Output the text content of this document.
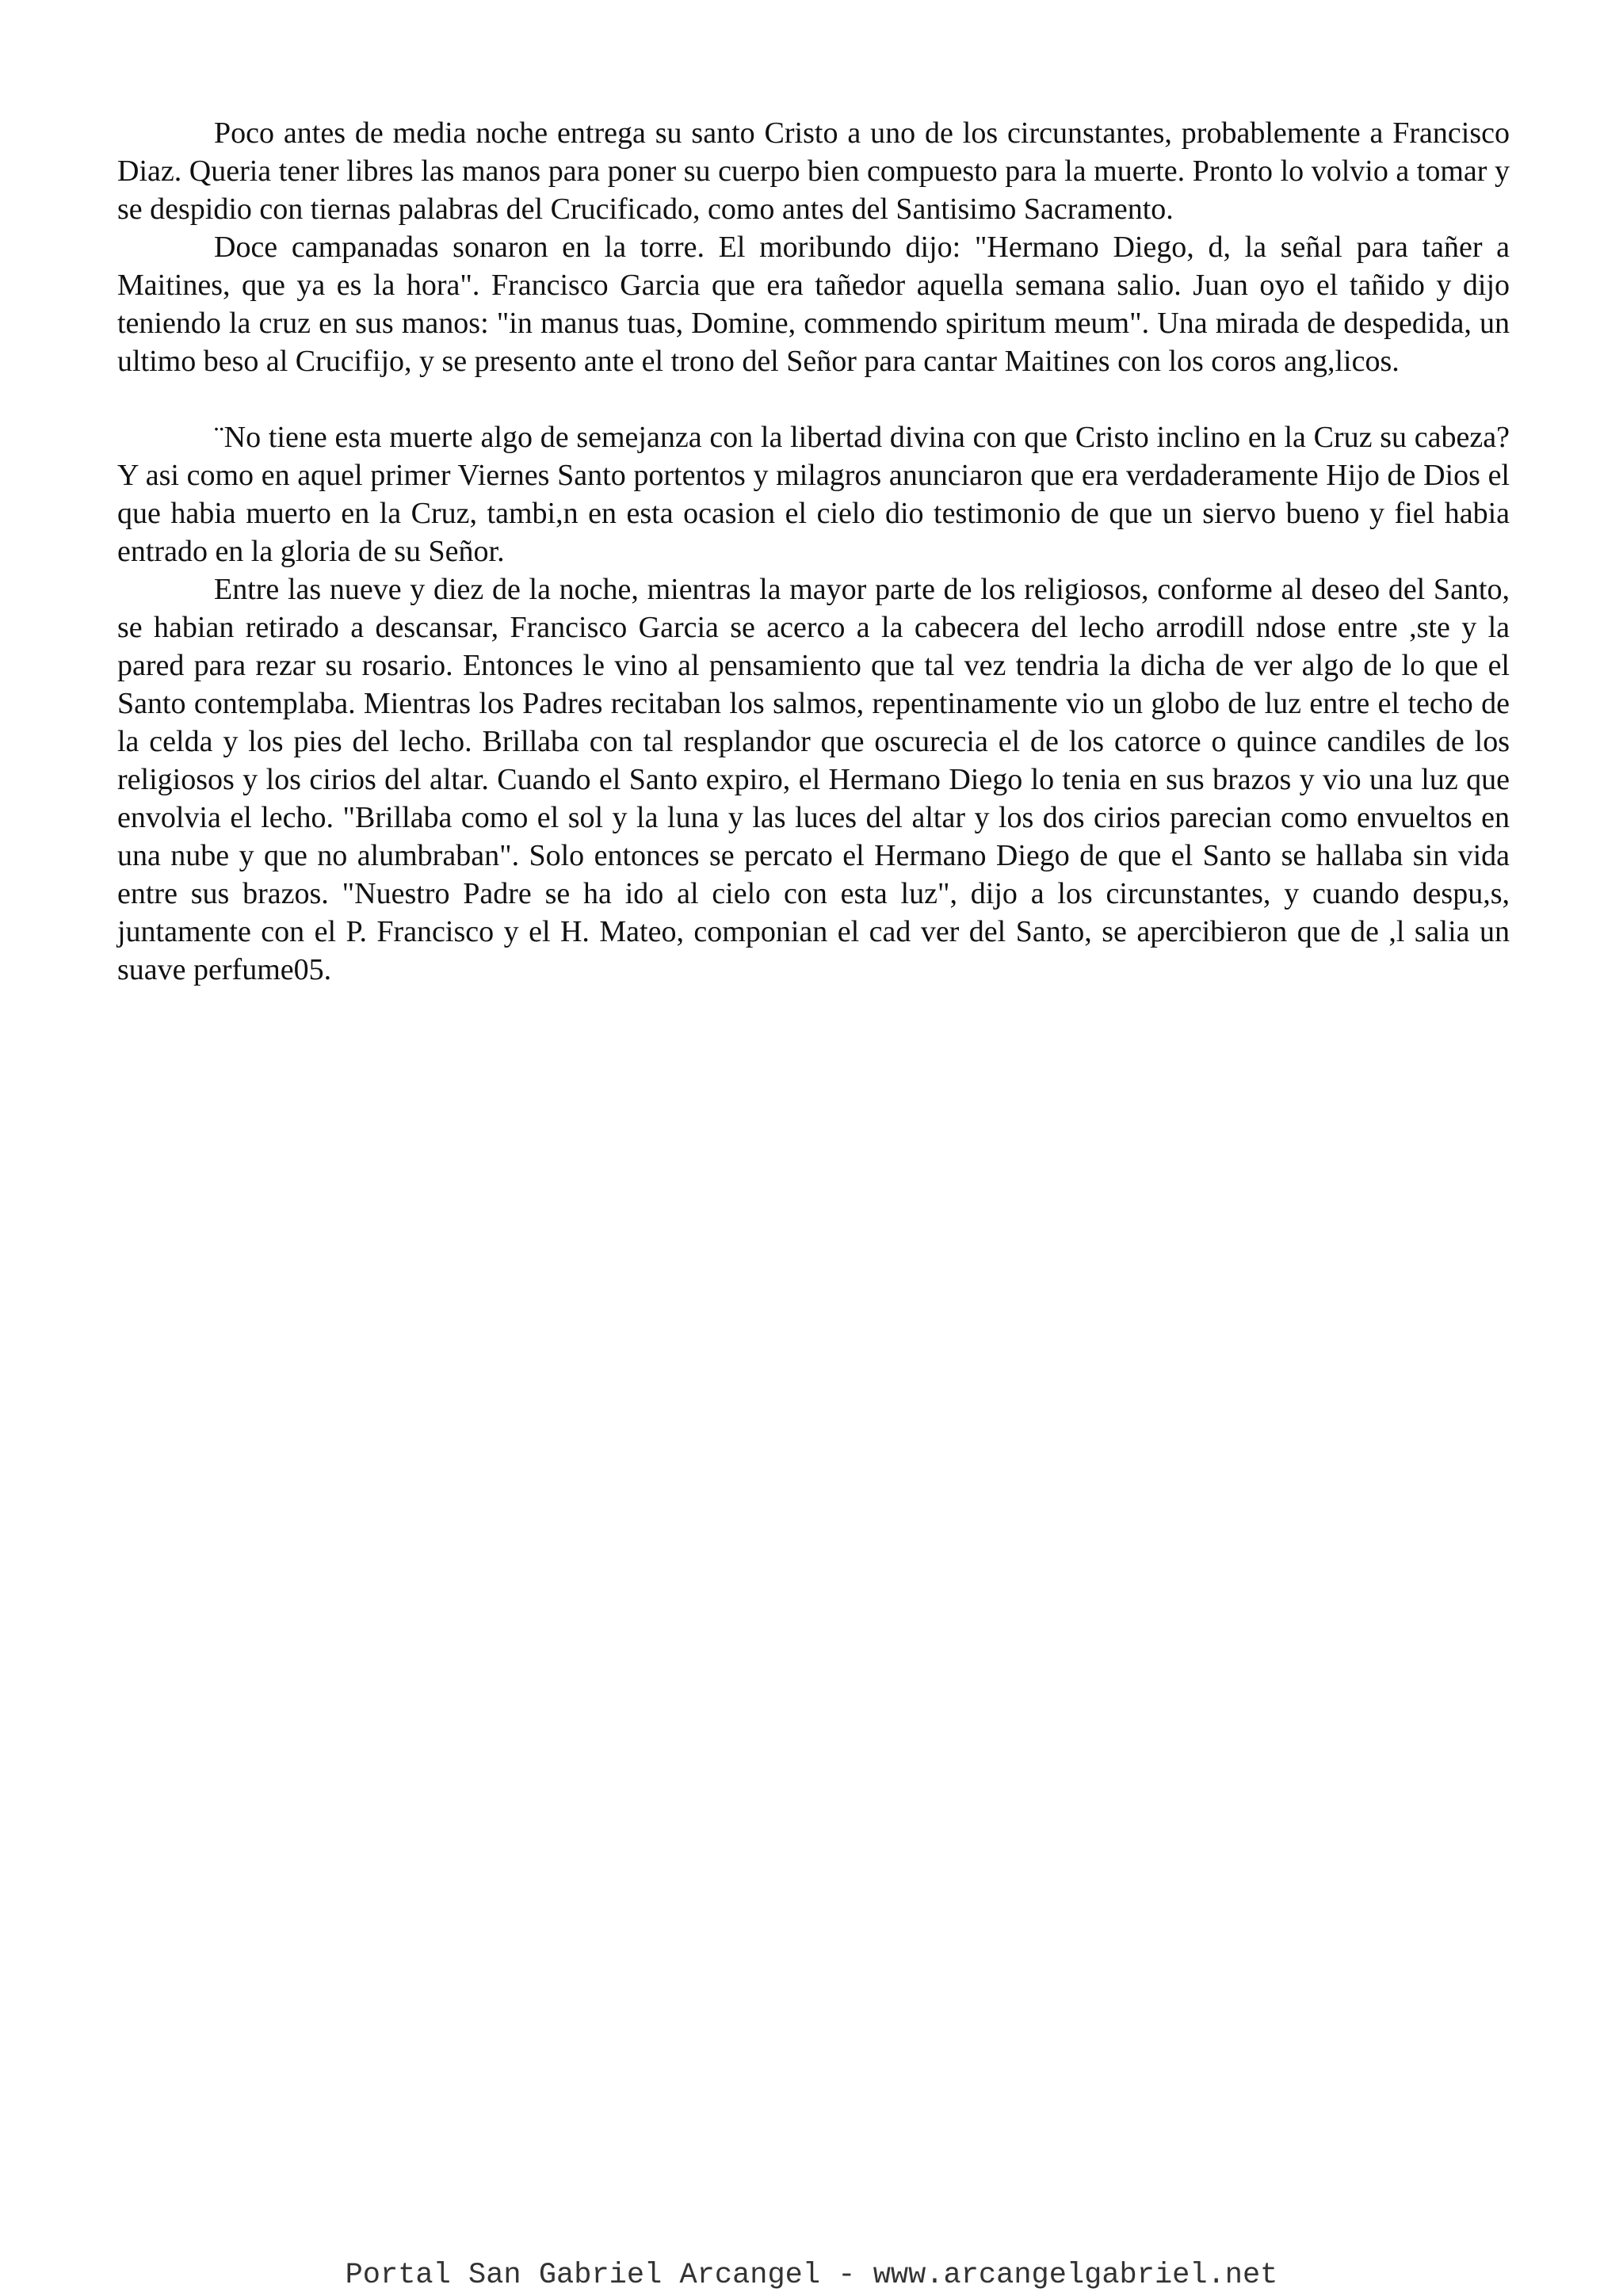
Poco antes de media noche entrega su santo Cristo a uno de los circunstantes, probablemente a Francisco Diaz. Queria tener libres las manos para poner su cuerpo bien compuesto para la muerte. Pronto lo volvio a tomar y se despidio con tiernas palabras del Crucificado, como antes del Santisimo Sacramento.

Doce campanadas sonaron en la torre. El moribundo dijo: "Hermano Diego, d, la señal para tañer a Maitines, que ya es la hora". Francisco Garcia que era tañedor aquella semana salio. Juan oyo el tañido y dijo teniendo la cruz en sus manos: "in manus tuas, Domine, commendo spiritum meum". Una mirada de despedida, un ultimo beso al Crucifijo, y se presento ante el trono del Señor para cantar Maitines con los coros ang,licos.

¨No tiene esta muerte algo de semejanza con la libertad divina con que Cristo inclino en la Cruz su cabeza? Y asi como en aquel primer Viernes Santo portentos y milagros anunciaron que era verdaderamente Hijo de Dios el que habia muerto en la Cruz, tambi,n en esta ocasion el cielo dio testimonio de que un siervo bueno y fiel habia entrado en la gloria de su Señor.

Entre las nueve y diez de la noche, mientras la mayor parte de los religiosos, conforme al deseo del Santo, se habian retirado a descansar, Francisco Garcia se acerco a la cabecera del lecho arrodill ndose entre ,ste y la pared para rezar su rosario. Entonces le vino al pensamiento que tal vez tendria la dicha de ver algo de lo que el Santo contemplaba. Mientras los Padres recitaban los salmos, repentinamente vio un globo de luz entre el techo de la celda y los pies del lecho. Brillaba con tal resplandor que oscurecia el de los catorce o quince candiles de los religiosos y los cirios del altar. Cuando el Santo expiro, el Hermano Diego lo tenia en sus brazos y vio una luz que envolvia el lecho. "Brillaba como el sol y la luna y las luces del altar y los dos cirios parecian como envueltos en una nube y que no alumbraban". Solo entonces se percato el Hermano Diego de que el Santo se hallaba sin vida entre sus brazos. "Nuestro Padre se ha ido al cielo con esta luz", dijo a los circunstantes, y cuando despu,s, juntamente con el P. Francisco y el H. Mateo, componian el cad ver del Santo, se apercibieron que de ,l salia un suave perfume05.

Portal San Gabriel Arcangel - www.arcangelgabriel.net
